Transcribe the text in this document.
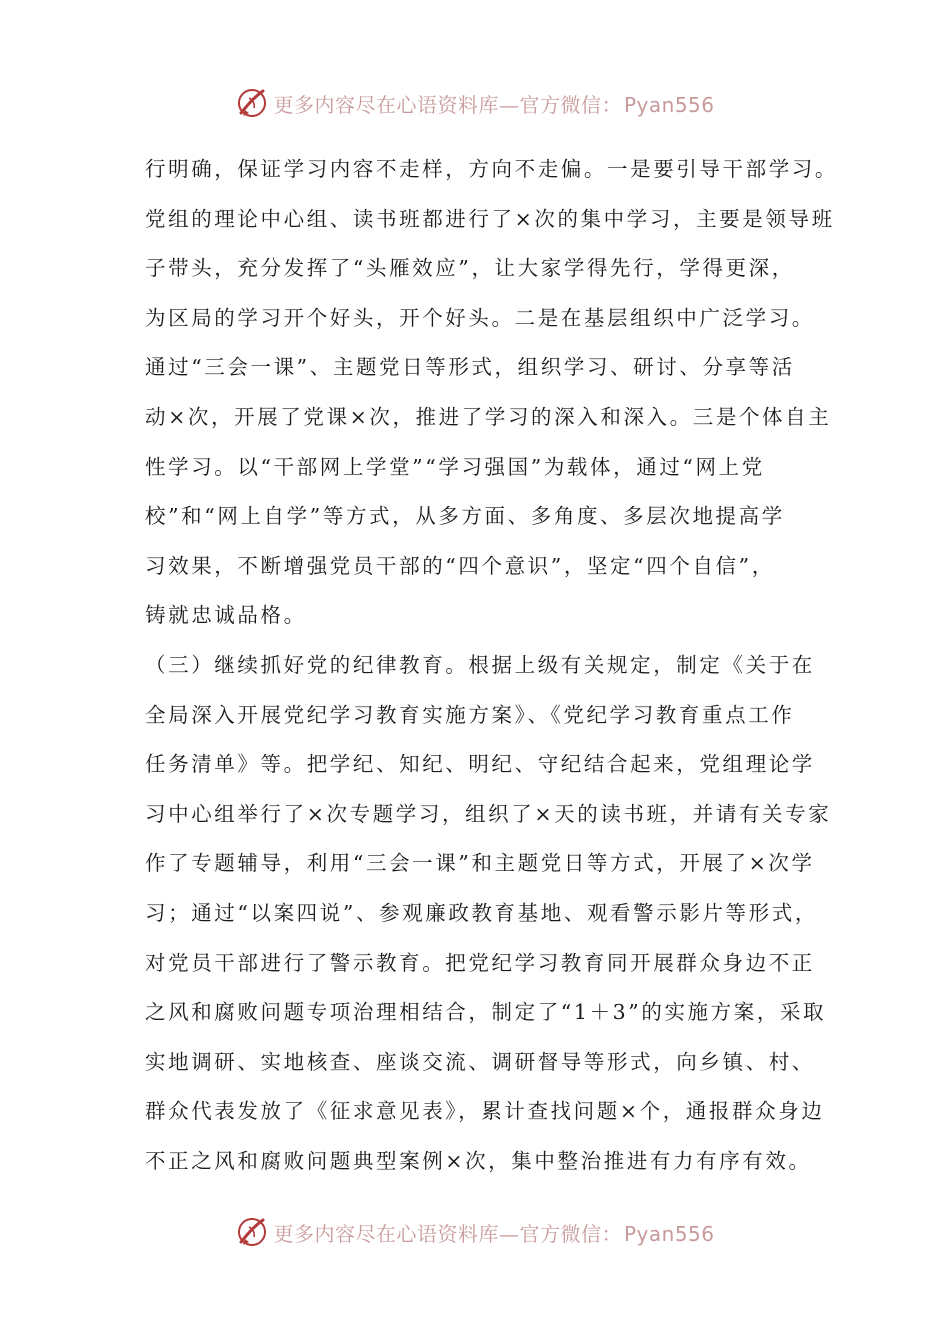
更多内容尽在心语资料库—官方微信： Pyan556
行明确，保证学习内容不走样，方向不走偏。一是要引导干部学习。
党组的理论中心组、读书班都进行了×次的集中学习，主要是领导班
子带头，充分发挥了“头雁效应”，让大家学得先行，学得更深，
为区局的学习开个好头，开个好头。二是在基层组织中广泛学习。
通过“三会一课”、主题党日等形式，组织学习、研讨、分享等活
动×次，开展了党课×次，推进了学习的深入和深入。三是个体自主
性学习。以“干部网上学堂”“学习强国”为载体，通过“网上党
校”和“网上自学”等方式，从多方面、多角度、多层次地提高学
习效果，不断增强党员干部的“四个意识”，坚定“四个自信”，
铸就忠诚品格。
（三）继续抓好党的纪律教育。根据上级有关规定，制定《关于在
全局深入开展党纪学习教育实施方案》、《党纪学习教育重点工作
任务清单》等。把学纪、知纪、明纪、守纪结合起来，党组理论学
习中心组举行了×次专题学习，组织了×天的读书班，并请有关专家
作了专题辅导，利用“三会一课”和主题党日等方式，开展了×次学
习；通过“以案四说”、参观廉政教育基地、观看警示影片等形式，
对党员干部进行了警示教育。把党纪学习教育同开展群众身边不正
之风和腐败问题专项治理相结合，制定了“1＋3”的实施方案，采取
实地调研、实地核查、座谈交流、调研督导等形式，向乡镇、村、
群众代表发放了《征求意见表》，累计查找问题×个，通报群众身边
不正之风和腐败问题典型案例×次，集中整治推进有力有序有效。
更多内容尽在心语资料库—官方微信： Pyan556
